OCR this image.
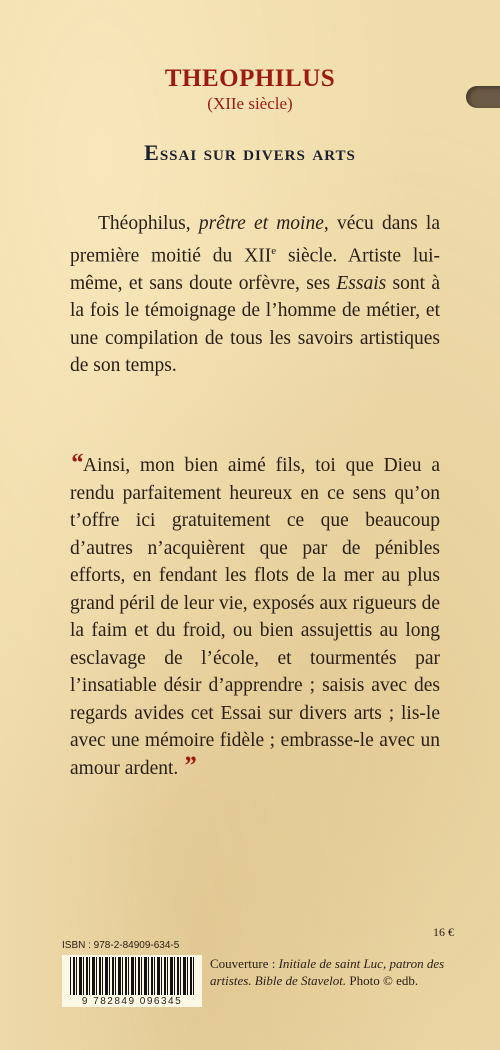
THEOPHILUS
(XIIe siècle)
Essai sur divers arts

Théophilus, prêtre et moine, vécu dans la première moitié du XIIe siècle. Artiste lui-même, et sans doute orfèvre, ses Essais sont à la fois le témoignage de l’homme de métier, et une compilation de tous les savoirs artistiques de son temps.

“Ainsi, mon bien aimé fils, toi que Dieu a rendu parfaitement heureux en ce sens qu’on t’offre ici gratuitement ce que beaucoup d’autres n’acquièrent que par de pénibles efforts, en fendant les flots de la mer au plus grand péril de leur vie, exposés aux rigueurs de la faim et du froid, ou bien assujettis au long esclavage de l’école, et tourmentés par l’insatiable désir d’apprendre ; saisis avec des regards avides cet Essai sur divers arts ; lis-le avec une mémoire fidèle ; embrasse-le avec un amour ardent. ”

16 €
ISBN : 978-2-84909-634-5
9 782849 096345
Couverture : Initiale de saint Luc, patron des artistes. Bible de Stavelot. Photo © edb.
